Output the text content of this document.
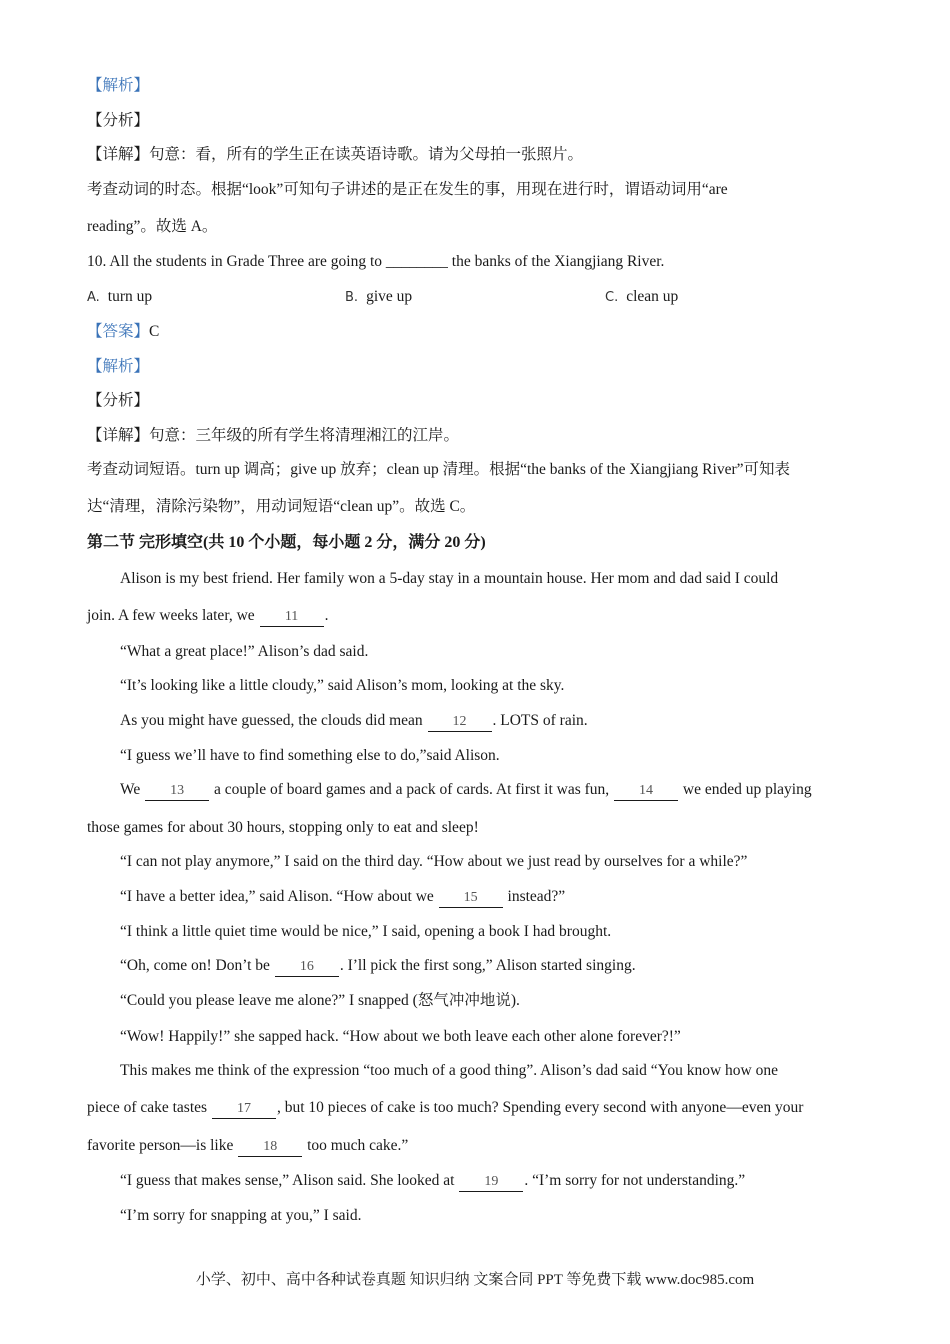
【解析】
【分析】
【详解】句意：看，所有的学生正在读英语诗歌。请为父母拍一张照片。
考查动词的时态。根据“look”可知句子讲述的是正在发生的事，用现在进行时，谓语动词用“are
reading”。故选 A。
10. All the students in Grade Three are going to ________ the banks of the Xiangjiang River.
A. turn up	B. give up	C. clean up
【答案】C
【解析】
【分析】
【详解】句意：三年级的所有学生将清理湘江的江岸。
考查动词短语。turn up 调高；give up 放弃；clean up 清理。根据“the banks of the Xiangjiang River”可知表
达“清理，清除污染物”，用动词短语“clean up”。故选 C。
第二节 完形填空(共 10 个小题，每小题 2 分，满分 20 分)
Alison is my best friend. Her family won a 5-day stay in a mountain house. Her mom and dad said I could
join. A few weeks later, we 11 .
“What a great place!” Alison’s dad said.
“It’s looking like a little cloudy,” said Alison’s mom, looking at the sky.
As you might have guessed, the clouds did mean 12 . LOTS of rain.
“I guess we’ll have to find something else to do,”said Alison.
We 13 a couple of board games and a pack of cards. At first it was fun, 14 we ended up playing
those games for about 30 hours, stopping only to eat and sleep!
“I can not play anymore,” I said on the third day. “How about we just read by ourselves for a while?”
“I have a better idea,” said Alison. “How about we 15 instead?”
“I think a little quiet time would be nice,” I said, opening a book I had brought.
“Oh, come on! Don’t be 16 . I’ll pick the first song,” Alison started singing.
“Could you please leave me alone?” I snapped (怒气冲冲地说).
“Wow! Happily!” she sapped hack. “How about we both leave each other alone forever?!”
This makes me think of the expression “too much of a good thing”. Alison’s dad said “You know how one
piece of cake tastes 17 , but 10 pieces of cake is too much? Spending every second with anyone—even your
favorite person—is like 18 too much cake.”
“I guess that makes sense,” Alison said. She looked at 19 . “I’m sorry for not understanding.”
“I’m sorry for snapping at you,” I said.
小学、初中、高中各种试卷真题 知识归纳 文案合同 PPT 等免费下载 www.doc985.com
